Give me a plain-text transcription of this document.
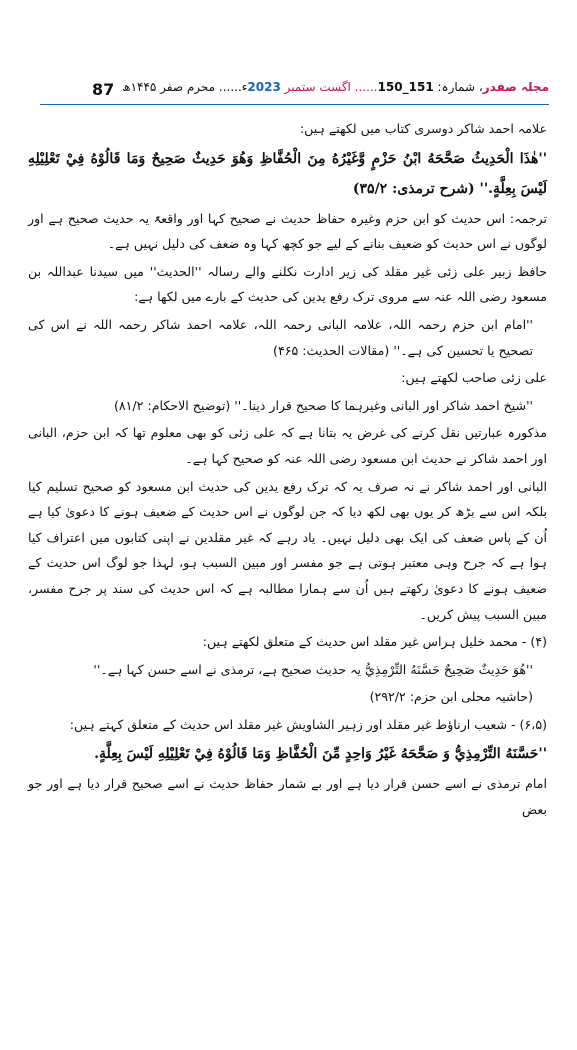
87	مجلہ صفدر، شمارہ: 151_150...... اگست ستمبر 2023ء...... محرم صفر ۱۴۴۵ھ

علامہ احمد شاکر دوسری کتاب میں لکھتے ہیں:

''هٰذَا الْحَدِيثُ صَحَّحَهُ ابْنُ حَزْمٍ وَّغَيْرُهُ مِنَ الْحُفَّاظِ وَهُوَ حَدِيثٌ صَحِيحٌ وَمَا قَالُوْهُ فِيْ تَعْلِيْلِهِ لَيْسَ بِعِلَّةٍ.'' (شرح ترمذی: ۳۵/۲)

ترجمہ: اس حدیث کو ابن حزم وغیرہ حفاظ حدیث نے صحیح کہا اور واقعۃً یہ حدیث صحیح ہے اور لوگوں نے اس حدیث کو ضعیف بنانے کے لیے جو کچھ کہا وہ ضعف کی دلیل نہیں ہے۔

حافظ زبیر علی زئی غیر مقلد کی زیر ادارت نکلنے والے رسالہ ''الحدیث'' میں سیدنا عبداللہ بن مسعود رضی اللہ عنہ سے مروی ترک رفع یدین کی حدیث کے بارے میں لکھا ہے:

''امام ابن حزم رحمہ اللہ، علامہ البانی رحمہ اللہ، علامہ احمد شاکر رحمہ اللہ نے اس کی تصحیح یا تحسین کی ہے۔'' (مقالات الحدیث: ۴۶۵)

علی زئی صاحب لکھتے ہیں:

''شیخ احمد شاکر اور البانی وغیرہما کا صحیح قرار دینا۔'' (توضیح الاحکام: ۸۱/۲)

مذکورہ عبارتیں نقل کرنے کی غرض یہ بتانا ہے کہ علی زئی کو بھی معلوم تھا کہ ابن حزم، البانی اور احمد شاکر نے حدیث ابن مسعود رضی اللہ عنہ کو صحیح کہا ہے۔

البانی اور احمد شاکر نے نہ صرف یہ کہ ترک رفع یدین کی حدیث ابن مسعود کو صحیح تسلیم کیا بلکہ اس سے بڑھ کر یوں بھی لکھ دیا کہ جن لوگوں نے اس حدیث کے ضعیف ہونے کا دعویٰ کیا ہے اُن کے پاس ضعف کی ایک بھی دلیل نہیں۔ یاد رہے کہ غیر مقلدین نے اپنی کتابوں میں اعتراف کیا ہوا ہے کہ جرح وہی معتبر ہوتی ہے جو مفسر اور مبین السبب ہو، لہذا جو لوگ اس حدیث کے ضعیف ہونے کا دعویٰ رکھتے ہیں اُن سے ہمارا مطالبہ ہے کہ اس حدیث کی سند پر جرح مفسر، مبین السبب پیش کریں۔

(۴) - محمد خلیل ہراس غیر مقلد اس حدیث کے متعلق لکھتے ہیں:

''هُوَ حَدِيثٌ صَحِيحٌ حَسَّنَهُ التِّرْمِذِيُّ یہ حدیث صحیح ہے، ترمذی نے اسے حسن کہا ہے۔''

(حاشیہ محلی ابن حزم: ۲۹۲/۲)

(۶،۵) - شعیب ارناؤط غیر مقلد اور زہیر الشاویش غیر مقلد اس حدیث کے متعلق کہتے ہیں:

''حَسَّنَهُ التِّرْمِذِيُّ وَ صَحَّحَهُ غَيْرُ وَاحِدٍ مِّنَ الْحُفَّاظِ وَمَا قَالُوْهُ فِيْ تَعْلِيْلِهِ لَيْسَ بِعِلَّةٍ.

امام ترمذی نے اسے حسن قرار دیا ہے اور بے شمار حفاظ حدیث نے اسے صحیح قرار دیا ہے اور جو بعض
